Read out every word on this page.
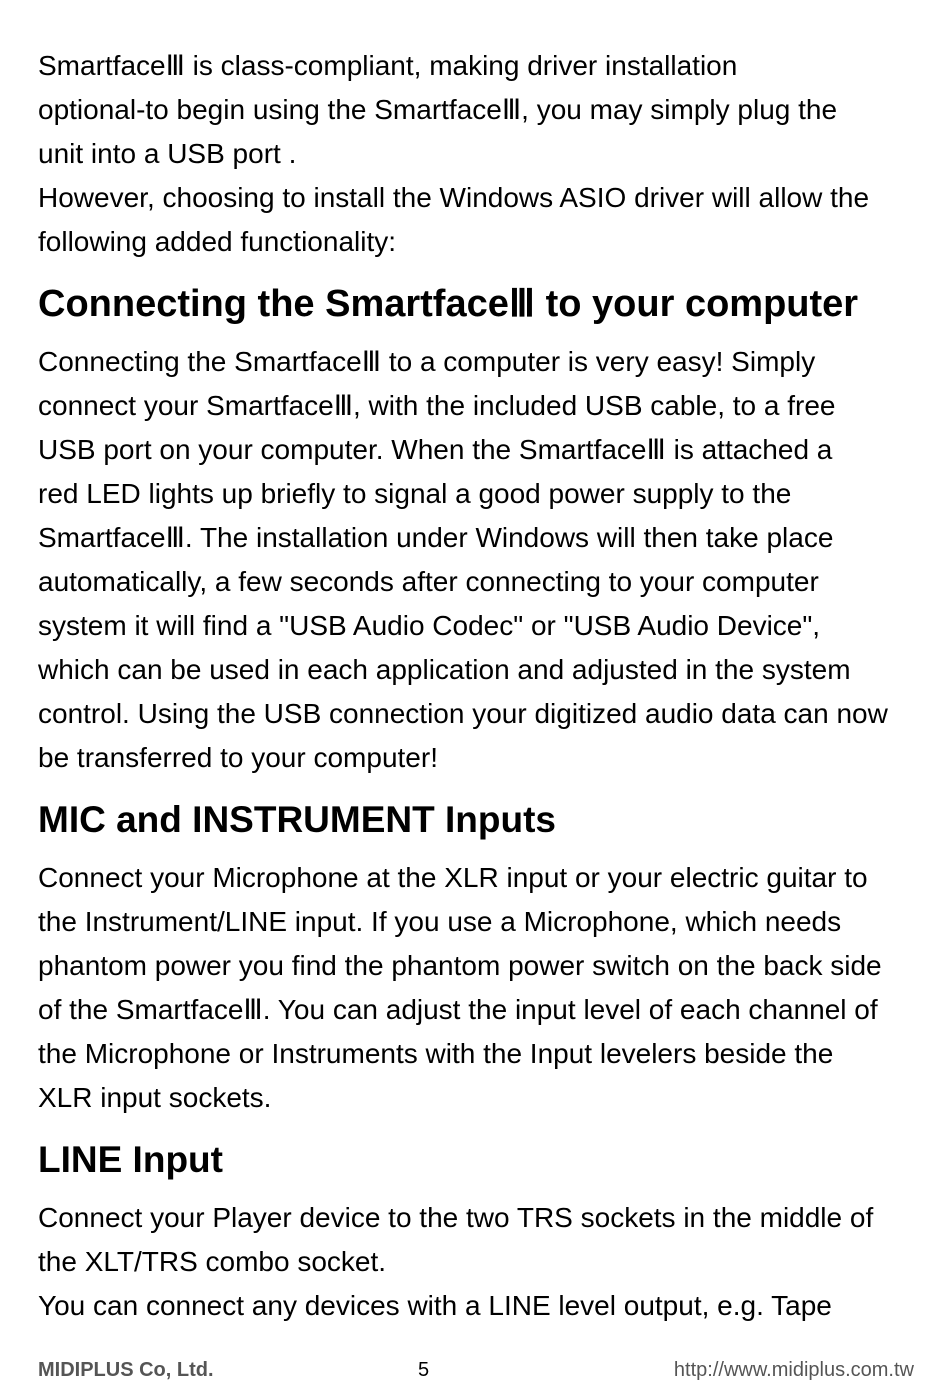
SmartfaceⅢ is class-compliant, making driver installation
optional-to begin using the SmartfaceⅢ, you may simply plug the
unit into a USB port .
However, choosing to install the Windows ASIO driver will allow the
following added functionality:

Connecting the SmartfaceⅢ to your computer

Connecting the SmartfaceⅢ to a computer is very easy! Simply
connect your SmartfaceⅢ, with the included USB cable, to a free
USB port on your computer. When the SmartfaceⅢ is attached a
red LED lights up briefly to signal a good power supply to the
SmartfaceⅢ. The installation under Windows will then take place
automatically, a few seconds after connecting to your computer
system it will find a "USB Audio Codec" or "USB Audio Device",
which can be used in each application and adjusted in the system
control. Using the USB connection your digitized audio data can now
be transferred to your computer!

MIC and INSTRUMENT Inputs

Connect your Microphone at the XLR input or your electric guitar to
the Instrument/LINE input. If you use a Microphone, which needs
phantom power you find the phantom power switch on the back side
of the SmartfaceⅢ. You can adjust the input level of each channel of
the Microphone or Instruments with the Input levelers beside the
XLR input sockets.

LINE Input

Connect your Player device to the two TRS sockets in the middle of
the XLT/TRS combo socket.
You can connect any devices with a LINE level output, e.g. Tape

MIDIPLUS Co, Ltd.	5	http://www.midiplus.com.tw
